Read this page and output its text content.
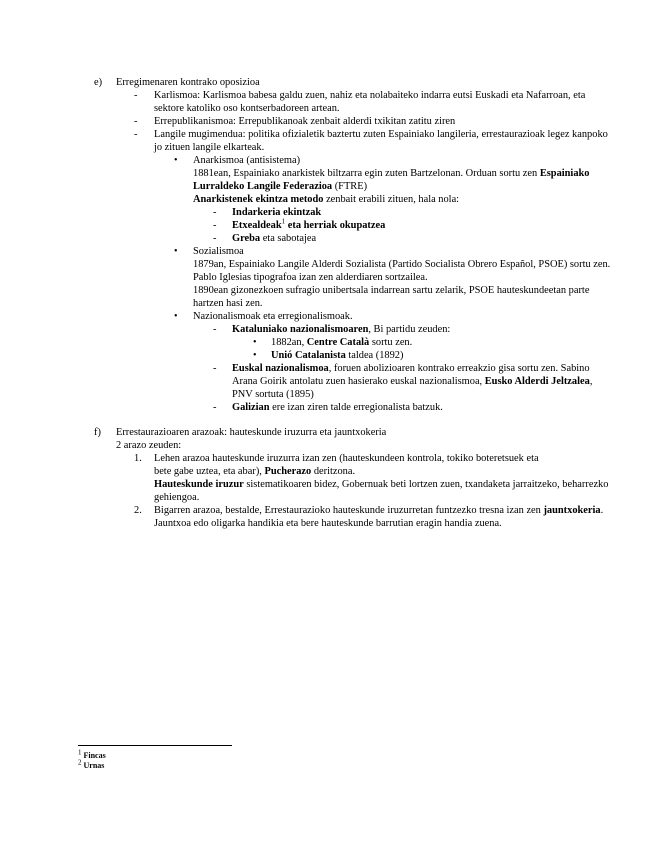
e) Erregimenaren kontrako oposizioa
- Karlismoa: Karlismoa babesa galdu zuen, nahiz eta nolabaiteko indarra eutsi Euskadi eta Nafarroan, eta
sektore katoliko oso kontserbadoreen artean.
- Errepublikanismoa: Errepublikanoak zenbait alderdi txikitan zatitu ziren
- Langile mugimendua: politika ofizialetik baztertu zuten Espainiako langileria, errestaurazioak legez kanpoko
jo zituen langile elkarteak.
• Anarkismoa (antisistema)
1881ean, Espainiako anarkistek biltzarra egin zuten Bartzelonan. Orduan sortu zen Espainiako
Lurraldeko Langile Federazioa (FTRE)
Anarkistenek ekintza metodo zenbait erabili zituen, hala nola:
- Indarkeria ekintzak
- Etxealdeak$^1$ eta herriak okupatzea
- Greba eta sabotajea
• Sozialismoa
1879an, Espainiako Langile Alderdi Sozialista (Partido Socialista Obrero Español, PSOE) sortu zen.
Pablo Iglesias tipografoa izan zen alderdiaren sortzailea.
1890ean gizonezkoen sufragio unibertsala indarrean sartu zelarik, PSOE hauteskundeetan parte
hartzen hasi zen.
• Nazionalismoak eta erregionalismoak.
- Kataluniako nazionalismoaren, Bi partidu zeuden:
• 1882an, Centre Català sortu zen.
• Unió Catalanista taldea (1892)
- Euskal nazionalismoa, foruen abolizioaren kontrako erreakzio gisa sortu zen. Sabino
Arana Goirik antolatu zuen hasierako euskal nazionalismoa, Eusko Alderdi Jeltzalea,
PNV sortuta (1895)
- Galizian ere izan ziren talde erregionalista batzuk.
f) Errestaurazioaren arazoak: hauteskunde iruzurra eta jauntxokeria
2 arazo zeuden:
1. Lehen arazoa hauteskunde iruzurra izan zen (hauteskundeen kontrola, tokiko boteretsuek eta
bete gabe uztea, eta abar), Pucherazo deritzona.
Hauteskunde iruzur sistematikoaren bidez, Gobernuak beti lortzen zuen, txandaketa jarraitzeko, beharrezko
gehiengoa.
2. Bigarren arazoa, bestalde, Errestaurazioko hauteskunde iruzurretan funtzezko tresna izan zen jauntxokeria.
Jauntxoa edo oligarka handikia eta bere hauteskunde barrutian eragin handia zuena.
$^1$ Fincas
$^2$ Urnas
